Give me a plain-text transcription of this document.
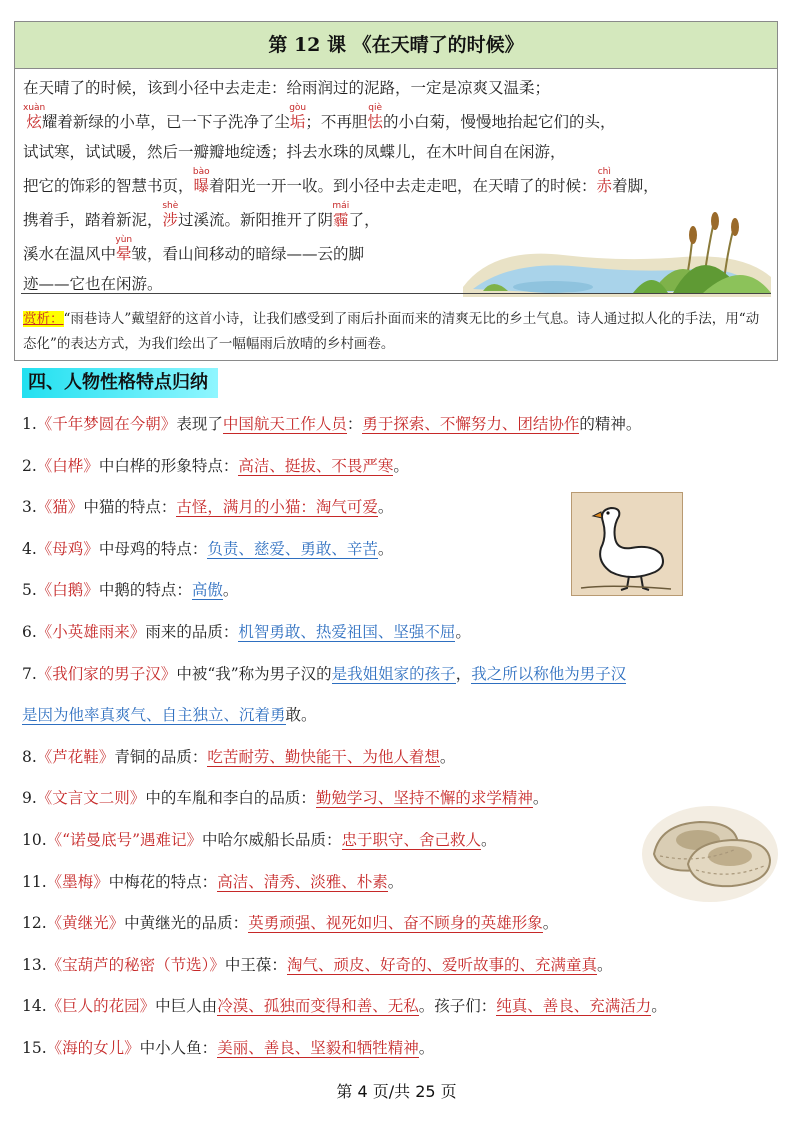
第 12 课 《在天晴了的时候》
在天晴了的时候，该到小径中去走走：给雨润过的泥路，一定是凉爽又温柔；
炫xuàn耀着新绿的小草，已一下子洗净了尘垢gòu；不再胆怯qiè的小白菊，慢慢地抬起它们的头，
试试寒，试试暖，然后一瓣瓣地绽透；抖去水珠的凤蝶儿，在木叶间自在闲游，
把它的饰彩的智慧书页，曝bào着阳光一开一收。到小径中去走走吧，在天晴了的时候：赤chì着脚，
携着手，踏着新泥，涉shè过溪流。新阳推开了阴霾mái了，
溪水在温风中晕yùn皱，看山间移动的暗绿——云的脚
迹——它也在闲游。
赏析：“雨巷诗人”戴望舒的这首小诗，让我们感受到了雨后扑面而来的清爽无比的乡土气息。诗人通过拟人化的手法，用“动态化”的表达方式，为我们绘出了一幅幅雨后放晴的乡村画卷。
四、人物性格特点归纳
1.《千年梦圆在今朝》表现了中国航天工作人员：勇于探索、不懈努力、团结协作的精神。
2.《白桦》中白桦的形象特点：高洁、挺拔、不畏严寒。
3.《猫》中猫的特点：古怪，满月的小猫：淘气可爱。
4.《母鸡》中母鸡的特点：负责、慈爱、勇敢、辛苦。
5.《白鹅》中鹅的特点：高傲。
6.《小英雄雨来》雨来的品质：机智勇敢、热爱祖国、坚强不屈。
7.《我们家的男子汉》中被“我”称为男子汉的是我姐姐家的孩子，我之所以称他为男子汉
是因为他率真爽气、自主独立、沉着勇敢。
8.《芦花鞋》青铜的品质：吃苦耐劳、勤快能干、为他人着想。
9.《文言文二则》中的车胤和李白的品质：勤勉学习、坚持不懈的求学精神。
10.《“诺曼底号”遇难记》中哈尔威船长品质：忠于职守、舍己救人。
11.《墨梅》中梅花的特点：高洁、清秀、淡雅、朴素。
12.《黄继光》中黄继光的品质：英勇顽强、视死如归、奋不顾身的英雄形象。
13.《宝葫芦的秘密（节选）》中王葆：淘气、顽皮、好奇的、爱听故事的、充满童真。
14.《巨人的花园》中巨人由冷漠、孤独而变得和善、无私。孩子们：纯真、善良、充满活力。
15.《海的女儿》中小人鱼：美丽、善良、坚毅和牺牲精神。
第 4 页/共 25 页
